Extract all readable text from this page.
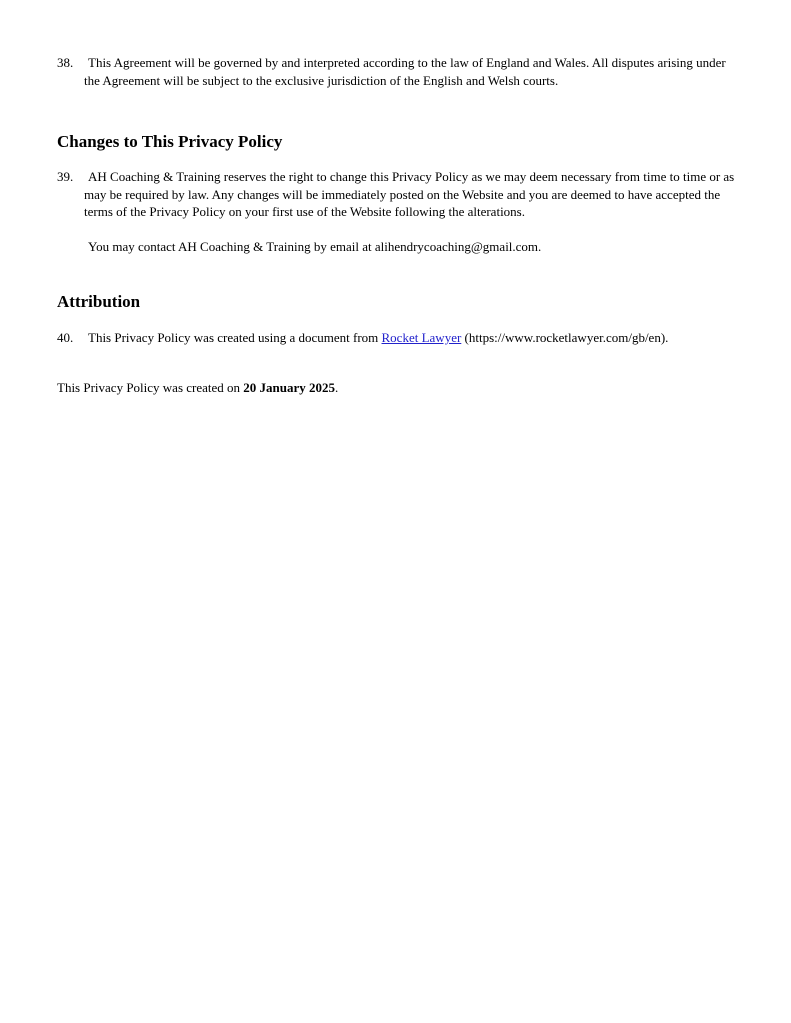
38. This Agreement will be governed by and interpreted according to the law of England and Wales. All disputes arising under the Agreement will be subject to the exclusive jurisdiction of the English and Welsh courts.
Changes to This Privacy Policy
39. AH Coaching & Training reserves the right to change this Privacy Policy as we may deem necessary from time to time or as may be required by law. Any changes will be immediately posted on the Website and you are deemed to have accepted the terms of the Privacy Policy on your first use of the Website following the alterations.
You may contact AH Coaching & Training by email at alihendrycoaching@gmail.com.
Attribution
40. This Privacy Policy was created using a document from Rocket Lawyer (https://www.rocketlawyer.com/gb/en).
This Privacy Policy was created on 20 January 2025.
